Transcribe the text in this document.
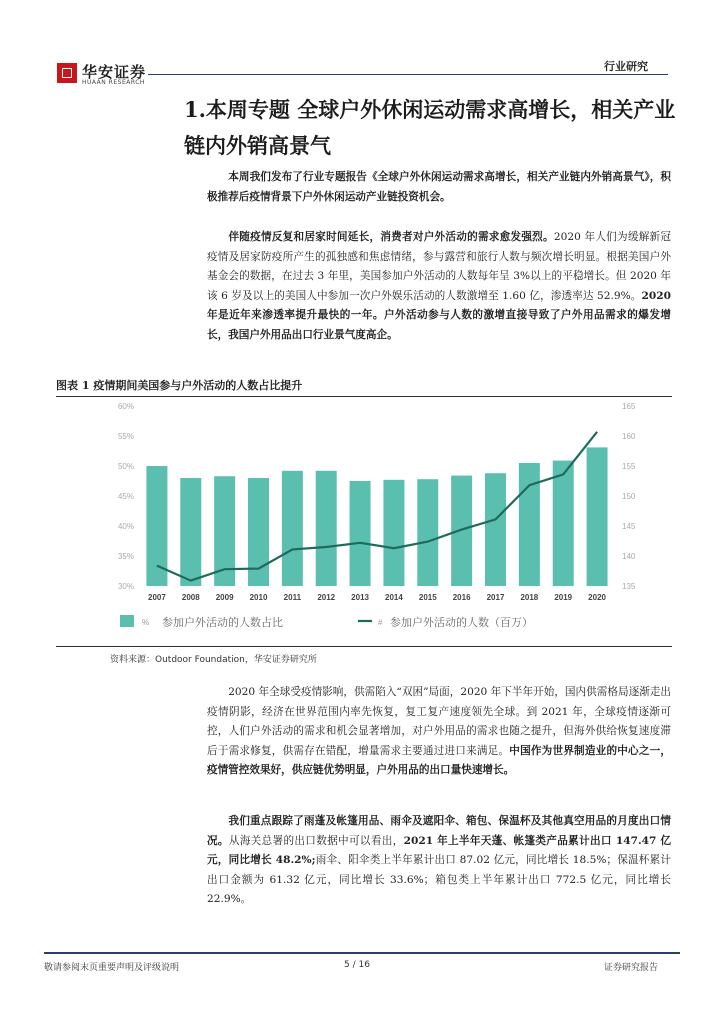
华安证券
HUAAN RESEARCH
行业研究
1.本周专题 全球户外休闲运动需求高增长，相关产业链内外销高景气
本周我们发布了行业专题报告《全球户外休闲运动需求高增长，相关产业链内外销高景气》，积极推荐后疫情背景下户外休闲运动产业链投资机会。
伴随疫情反复和居家时间延长，消费者对户外活动的需求愈发强烈。2020 年人们为缓解新冠疫情及居家防疫所产生的孤独感和焦虑情绪，参与露营和旅行人数与频次增长明显。根据美国户外基金会的数据，在过去 3 年里，美国参加户外活动的人数每年呈 3%以上的平稳增长。但 2020 年该 6 岁及以上的美国人中参加一次户外娱乐活动的人数激增至 1.60 亿，渗透率达 52.9%。2020 年是近年来渗透率提升最快的一年。户外活动参与人数的激增直接导致了户外用品需求的爆发增长，我国户外用品出口行业景气度高企。
图表 1 疫情期间美国参与户外活动的人数占比提升
30%
35%
40%
45%
50%
55%
60%
135
140
145
150
155
160
165
2007 2008 2009 2010 2011 2012 2013 2014 2015 2016 2017 2018 2019 2020
% 参加户外活动的人数占比	# 参加户外活动的人数（百万）
资料来源：Outdoor Foundation，华安证券研究所
2020 年全球受疫情影响，供需陷入“双困”局面，2020 年下半年开始，国内供需格局逐渐走出疫情阴影，经济在世界范围内率先恢复，复工复产速度领先全球。到 2021 年，全球疫情逐渐可控，人们户外活动的需求和机会显著增加，对户外用品的需求也随之提升，但海外供给恢复速度滞后于需求修复，供需存在错配，增量需求主要通过进口来满足。中国作为世界制造业的中心之一，疫情管控效果好，供应链优势明显，户外用品的出口量快速增长。
我们重点跟踪了雨蓬及帐篷用品、雨伞及遮阳伞、箱包、保温杯及其他真空用品的月度出口情况。从海关总署的出口数据中可以看出，2021 年上半年天蓬、帐篷类产品累计出口 147.47 亿元，同比增长 48.2%;雨伞、阳伞类上半年累计出口 87.02 亿元，同比增长 18.5%；保温杯累计出口金额为 61.32 亿元，同比增长 33.6%；箱包类上半年累计出口 772.5 亿元，同比增长 22.9%。
敬请参阅末页重要声明及评级说明	5 / 16	证券研究报告
